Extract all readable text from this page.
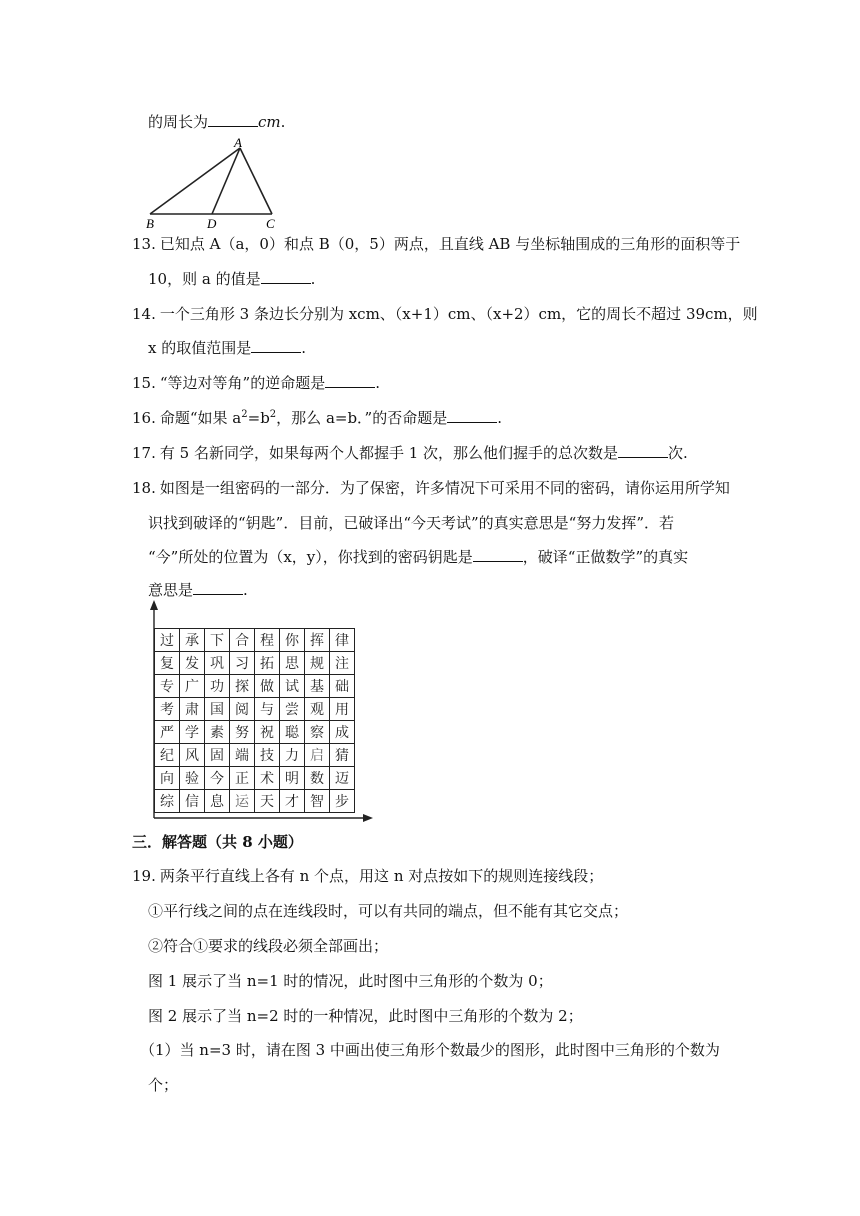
的周长为	cm.
A
B	D	C
13. 已知点 A（a，0）和点 B（0，5）两点，且直线 AB 与坐标轴围成的三角形的面积等于
10，则 a 的值是	.
14. 一个三角形 3 条边长分别为 xcm、（x+1）cm、（x+2）cm，它的周长不超过 39cm，则
x 的取值范围是	.
15. “等边对等角”的逆命题是	.
16. 命题“如果 $a^2=b^2$，那么 a=b．”的否命题是	.
17. 有 5 名新同学，如果每两个人都握手 1 次，那么他们握手的总次数是	次.
18. 如图是一组密码的一部分．为了保密，许多情况下可采用不同的密码，请你运用所学知
识找到破译的“钥匙”．目前，已破译出“今天考试”的真实意思是“努力发挥”．若
“今”所处的位置为（x，y），你找到的密码钥匙是	，破译“正做数学”的真实
意思是	.
过	承	下	合	程	你	挥	律
复	发	巩	习	拓	思	规	注
专	广	功	探	做	试	基	础
考	肃	国	阅	与	尝	观	用
严	学	素	努	祝	聪	察	成
纪	风	固	端	技	力	启	猜
向	验	今	正	术	明	数	迈
综	信	息	运	天	才	智	步
三．解答题（共 8 小题）
19. 两条平行直线上各有 n 个点，用这 n 对点按如下的规则连接线段；
①平行线之间的点在连线段时，可以有共同的端点，但不能有其它交点；
②符合①要求的线段必须全部画出；
图 1 展示了当 n=1 时的情况，此时图中三角形的个数为 0；
图 2 展示了当 n=2 时的一种情况，此时图中三角形的个数为 2；
（1）当 n=3 时，请在图 3 中画出使三角形个数最少的图形，此时图中三角形的个数为
个；
